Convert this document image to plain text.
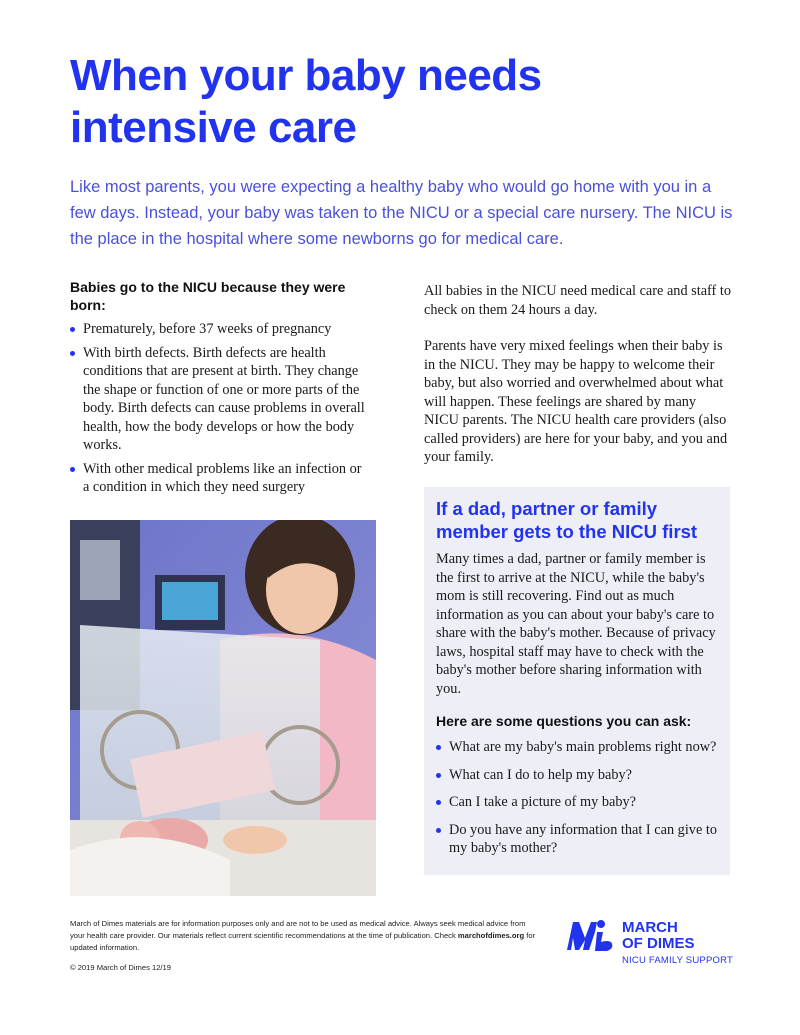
When your baby needs intensive care

Like most parents, you were expecting a healthy baby who would go home with you in a few days. Instead, your baby was taken to the NICU or a special care nursery. The NICU is the place in the hospital where some newborns go for medical care.

Babies go to the NICU because they were born:
Prematurely, before 37 weeks of pregnancy
With birth defects. Birth defects are health conditions that are present at birth. They change the shape or function of one or more parts of the body. Birth defects can cause problems in overall health, how the body develops or how the body works.
With other medical problems like an infection or a condition in which they need surgery

All babies in the NICU need medical care and staff to check on them 24 hours a day.

Parents have very mixed feelings when their baby is in the NICU. They may be happy to welcome their baby, but also worried and overwhelmed about what will happen. These feelings are shared by many NICU parents. The NICU health care providers (also called providers) are here for your baby, and you and your family.

If a dad, partner or family member gets to the NICU first

Many times a dad, partner or family member is the first to arrive at the NICU, while the baby's mom is still recovering. Find out as much information as you can about your baby's care to share with the baby's mother. Because of privacy laws, hospital staff may have to check with the baby's mother before sharing information with you.

Here are some questions you can ask:
What are my baby's main problems right now?
What can I do to help my baby?
Can I take a picture of my baby?
Do you have any information that I can give to my baby's mother?

March of Dimes materials are for information purposes only and are not to be used as medical advice. Always seek medical advice from your health care provider. Our materials reflect current scientific recommendations at the time of publication. Check marchofdimes.org for updated information.

© 2019 March of Dimes 12/19

MARCH
OF DIMES
NICU FAMILY SUPPORT
